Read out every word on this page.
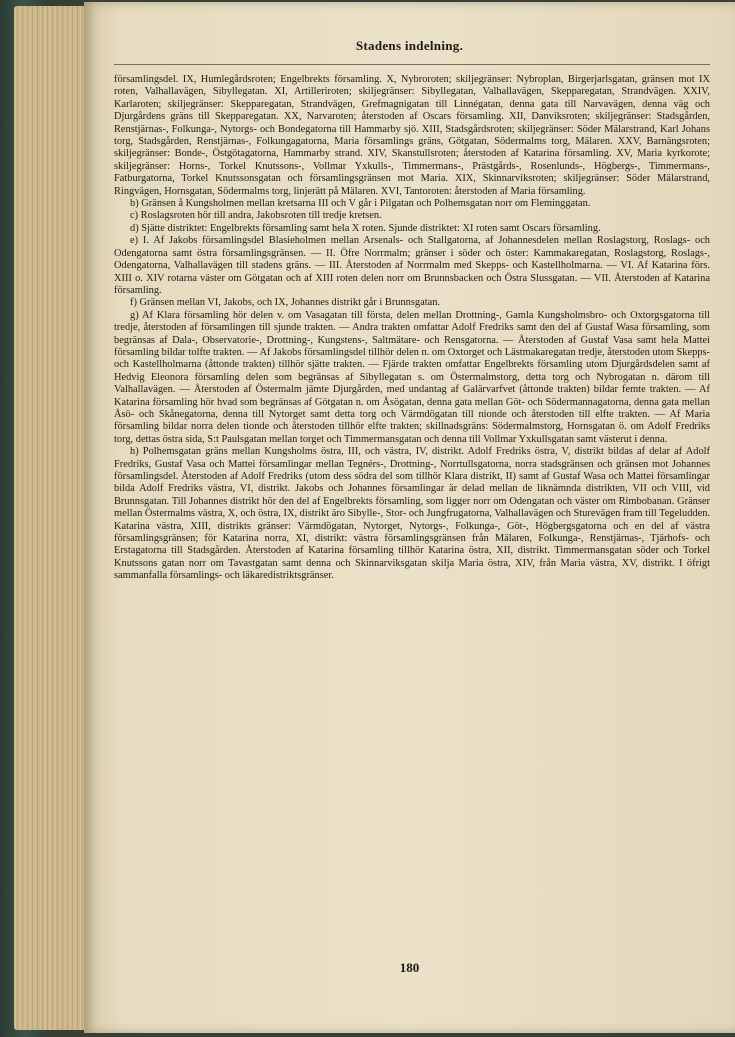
Stadens indelning.

församlingsdel. IX, Humlegårdsroten; Engelbrekts församling. X, Nybroroten; skiljegränser: Nybroplan, Birgerjarlsgatan, gränsen mot IX roten, Valhallavägen, Sibyllegatan. XI, Artilleriroten; skiljegränser: Sibyllegatan, Valhallavägen, Skepparegatan, Strandvägen. XXIV, Karlaroten; skiljegränser: Skepparegatan, Strandvägen, Grefmagnigatan till Linnégatan, denna gata till Narvavägen, denna väg och Djurgårdens gräns till Skepparegatan. XX, Narvaroten; återstoden af Oscars församling. XII, Danviksroten; skiljegränser: Stadsgården, Renstjärnas-, Folkunga-, Nytorgs- och Bondegatorna till Hammarby sjö. XIII, Stadsgårdsroten; skiljegränser: Söder Mälarstrand, Karl Johans torg, Stadsgården, Renstjärnas-, Folkungagatorna, Maria församlings gräns, Götgatan, Södermalms torg, Mälaren. XXV, Barnängsroten; skiljegränser: Bonde-, Östgötagatorna, Hammarby strand. XIV, Skanstullsroten; återstoden af Katarina församling. XV, Maria kyrkorote; skiljegränser: Horns-, Torkel Knutssons-, Vollmar Yxkulls-, Timmermans-, Prästgårds-, Rosenlunds-, Högbergs-, Timmermans-, Fatburgatorna, Torkel Knutssonsgatan och församlingsgränsen mot Maria. XIX, Skinnarviksroten; skiljegränser: Söder Mälarstrand, Ringvägen, Hornsgatan, Södermalms torg, linjerätt på Mälaren. XVI, Tantoroten: återstoden af Maria församling.

b) Gränsen å Kungsholmen mellan kretsarna III och V går i Pilgatan och Polhemsgatan norr om Fleminggatan.

c) Roslagsroten hör till andra, Jakobsroten till tredje kretsen.

d) Sjätte distriktet: Engelbrekts församling samt hela X roten. Sjunde distriktet: XI roten samt Oscars församling.

e) I. Af Jakobs församlingsdel Blasieholmen mellan Arsenals- och Stallgatorna, af Johannesdelen mellan Roslagstorg, Roslags- och Odengatorna samt östra församlingsgränsen. — II. Öfre Norrmalm; gränser i söder och öster: Kammakaregatan, Roslagstorg, Roslags-, Odengatorna, Valhallavägen till stadens gräns. — III. Återstoden af Norrmalm med Skepps- och Kastellholmarna. — VI. Af Katarina förs. XIII o. XIV rotarna väster om Götgatan och af XIII roten delen norr om Brunnsbacken och Östra Slussgatan. — VII. Återstoden af Katarina församling.

f) Gränsen mellan VI, Jakobs, och IX, Johannes distrikt går i Brunnsgatan.

g) Af Klara församling hör delen v. om Vasagatan till första, delen mellan Drottning-, Gamla Kungsholmsbro- och Oxtorgsgatorna till tredje, återstoden af församlingen till sjunde trakten. — Andra trakten omfattar Adolf Fredriks samt den del af Gustaf Wasa församling, som begränsas af Dala-, Observatorie-, Drottning-, Kungstens-, Saltmätare- och Rensgatorna. — Återstoden af Gustaf Vasa samt hela Mattei församling bildar tolfte trakten. — Af Jakobs församlingsdel tillhör delen n. om Oxtorget och Lästmakaregatan tredje, återstoden utom Skepps- och Kastellholmarna (åttonde trakten) tillhör sjätte trakten. — Fjärde trakten omfattar Engelbrekts församling utom Djurgårdsdelen samt af Hedvig Eleonora församling delen som begränsas af Sibyllegatan s. om Östermalmstorg, detta torg och Nybrogatan n. därom till Valhallavägen. — Återstoden af Östermalm jämte Djurgården, med undantag af Galärvarfvet (åttonde trakten) bildar femte trakten. — Af Katarina församling hör hvad som begränsas af Götgatan n. om Åsögatan, denna gata mellan Göt- och Södermannagatorna, denna gata mellan Åsö- och Skånegatorna, denna till Nytorget samt detta torg och Värmdögatan till nionde och återstoden till elfte trakten. — Af Maria församling bildar norra delen tionde och återstoden tillhör elfte trakten; skillnadsgräns: Södermalmstorg, Hornsgatan ö. om Adolf Fredriks torg, dettas östra sida, S:t Paulsgatan mellan torget och Timmermansgatan och denna till Vollmar Yxkullsgatan samt västerut i denna.

h) Polhemsgatan gräns mellan Kungsholms östra, III, och västra, IV, distrikt. Adolf Fredriks östra, V, distrikt bildas af delar af Adolf Fredriks, Gustaf Vasa och Mattei församlingar mellan Tegnérs-, Drottning-, Norrtullsgatorna, norra stadsgränsen och gränsen mot Johannes församlingsdel. Återstoden af Adolf Fredriks (utom dess södra del som tillhör Klara distrikt, II) samt af Gustaf Wasa och Mattei församlingar bilda Adolf Fredriks västra, VI, distrikt. Jakobs och Johannes församlingar är delad mellan de liknämnda distrikten, VII och VIII, vid Brunnsgatan. Till Johannes distrikt hör den del af Engelbrekts församling, som ligger norr om Odengatan och väster om Rimbobanan. Gränser mellan Östermalms västra, X, och östra, IX, distrikt äro Sibylle-, Stor- och Jungfrugatorna, Valhallavägen och Sturevägen fram till Tegeludden. Katarina västra, XIII, distrikts gränser: Värmdögatan, Nytorget, Nytorgs-, Folkunga-, Göt-, Högbergsgatorna och en del af västra församlingsgränsen; för Katarina norra, XI, distrikt: västra församlingsgränsen från Mälaren, Folkunga-, Renstjärnas-, Tjärhofs- och Erstagatorna till Stadsgården. Återstoden af Katarina församling tillhör Katarina östra, XII, distrikt. Timmermansgatan söder och Torkel Knutssons gatan norr om Tavastgatan samt denna och Skinnarviksgatan skilja Maria östra, XIV, från Maria västra, XV, distrikt. I öfrigt sammanfalla församlings- och läkaredistriktsgränser.

180
